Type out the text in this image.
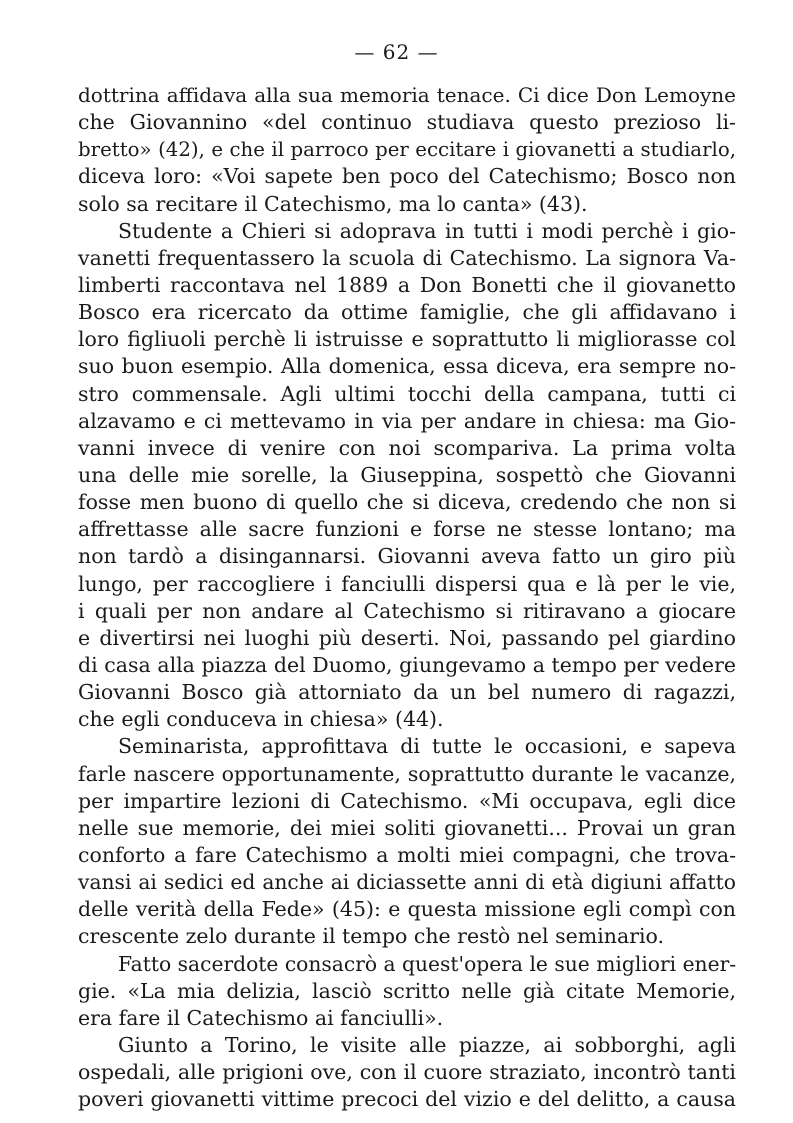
— 62 —
dottrina affidava alla sua memoria tenace. Ci dice Don Lemoyne
che Giovannino «del continuo studiava questo prezioso li-
bretto» (42), e che il parroco per eccitare i giovanetti a studiarlo,
diceva loro: «Voi sapete ben poco del Catechismo; Bosco non
solo sa recitare il Catechismo, ma lo canta» (43).
Studente a Chieri si adoprava in tutti i modi perchè i gio-
vanetti frequentassero la scuola di Catechismo. La signora Va-
limberti raccontava nel 1889 a Don Bonetti che il giovanetto
Bosco era ricercato da ottime famiglie, che gli affidavano i
loro figliuoli perchè li istruisse e soprattutto li migliorasse col
suo buon esempio. Alla domenica, essa diceva, era sempre no-
stro commensale. Agli ultimi tocchi della campana, tutti ci
alzavamo e ci mettevamo in via per andare in chiesa: ma Gio-
vanni invece di venire con noi scompariva. La prima volta
una delle mie sorelle, la Giuseppina, sospettò che Giovanni
fosse men buono di quello che si diceva, credendo che non si
affrettasse alle sacre funzioni e forse ne stesse lontano; ma
non tardò a disingannarsi. Giovanni aveva fatto un giro più
lungo, per raccogliere i fanciulli dispersi qua e là per le vie,
i quali per non andare al Catechismo si ritiravano a giocare
e divertirsi nei luoghi più deserti. Noi, passando pel giardino
di casa alla piazza del Duomo, giungevamo a tempo per vedere
Giovanni Bosco già attorniato da un bel numero di ragazzi,
che egli conduceva in chiesa» (44).
Seminarista, approfittava di tutte le occasioni, e sapeva
farle nascere opportunamente, soprattutto durante le vacanze,
per impartire lezioni di Catechismo. «Mi occupava, egli dice
nelle sue memorie, dei miei soliti giovanetti... Provai un gran
conforto a fare Catechismo a molti miei compagni, che trova-
vansi ai sedici ed anche ai diciassette anni di età digiuni affatto
delle verità della Fede» (45): e questa missione egli compì con
crescente zelo durante il tempo che restò nel seminario.
Fatto sacerdote consacrò a quest'opera le sue migliori ener-
gie. «La mia delizia, lasciò scritto nelle già citate Memorie,
era fare il Catechismo ai fanciulli».
Giunto a Torino, le visite alle piazze, ai sobborghi, agli
ospedali, alle prigioni ove, con il cuore straziato, incontrò tanti
poveri giovanetti vittime precoci del vizio e del delitto, a causa
